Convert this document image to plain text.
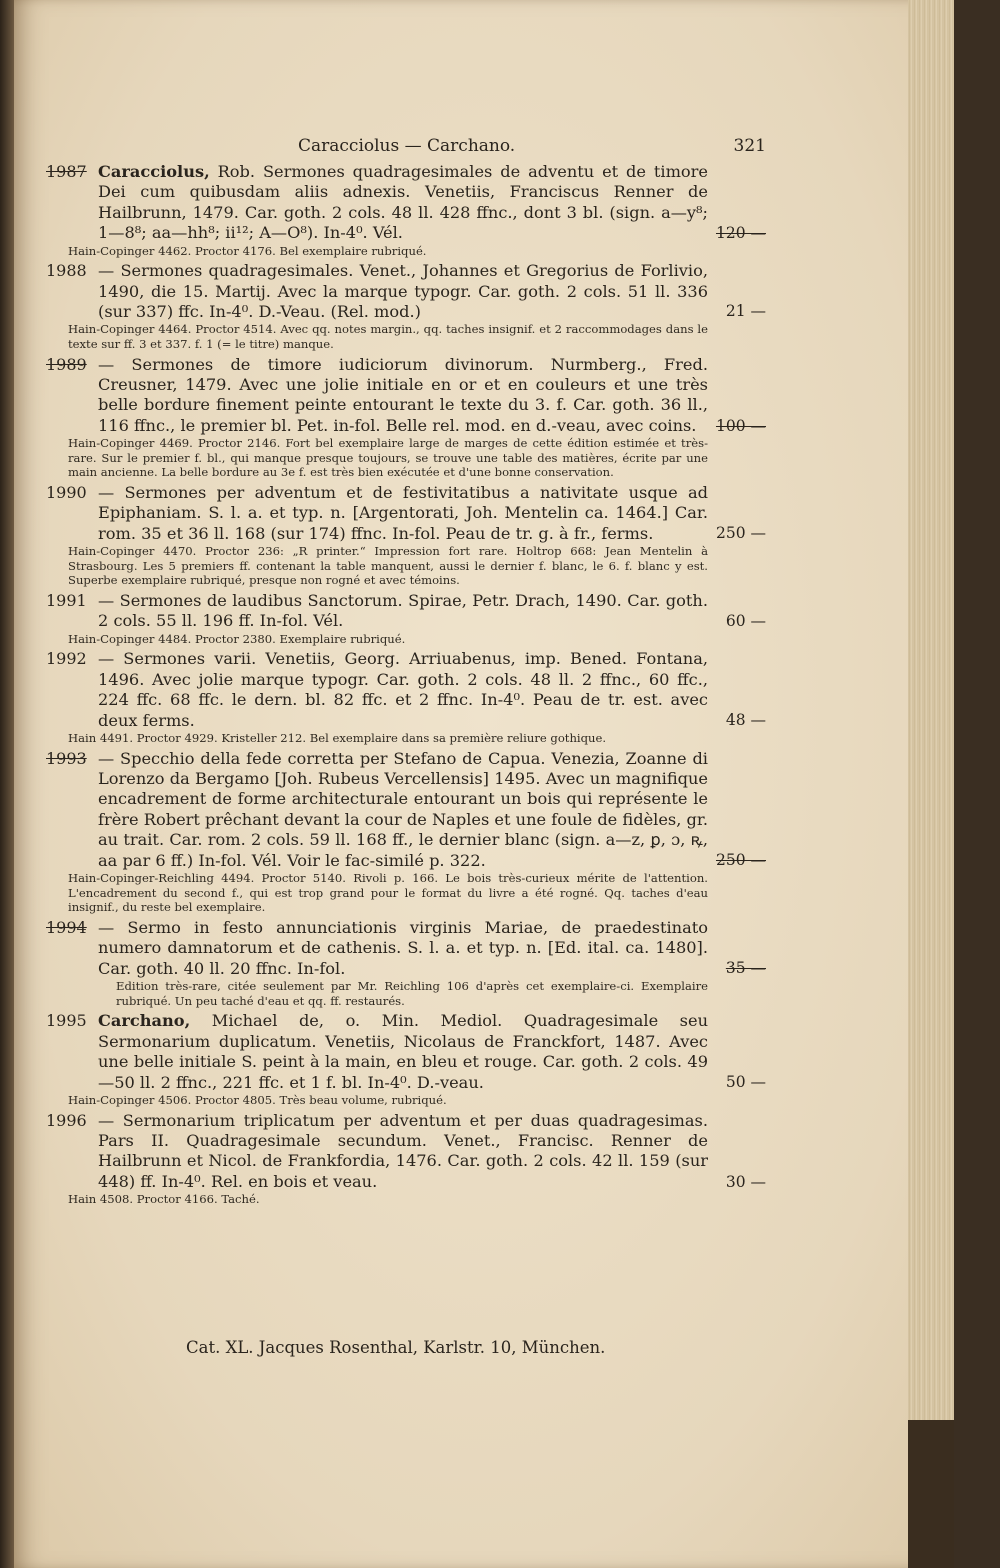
Caracciolus — Carchano.	321
1987 Caracciolus, Rob. Sermones quadragesimales de adventu et de timore Dei cum quibusdam aliis adnexis. Venetiis, Franciscus Renner de Hailbrunn, 1479. Car. goth. 2 cols. 48 ll. 428 ffnc., dont 3 bl. (sign. a—y⁸; 1—8⁸; aa—hh⁸; ii¹²; A—O⁸). In-4⁰. Vél.	120 —
Hain-Copinger 4462. Proctor 4176. Bel exemplaire rubriqué.
1988 — Sermones quadragesimales. Venet., Johannes et Gregorius de Forlivio, 1490, die 15. Martij. Avec la marque typogr. Car. goth. 2 cols. 51 ll. 336 (sur 337) ffc. In-4⁰. D.-Veau. (Rel. mod.)	21 —
Hain-Copinger 4464. Proctor 4514. Avec qq. notes margin., qq. taches insignif. et 2 raccommodages dans le texte sur ff. 3 et 337. f. 1 (= le titre) manque.
1989 — Sermones de timore iudiciorum divinorum. Nurmberg., Fred. Creusner, 1479. Avec une jolie initiale en or et en couleurs et une très belle bordure finement peinte entourant le texte du 3. f. Car. goth. 36 ll., 116 ffnc., le premier bl. Pet. in-fol. Belle rel. mod. en d.-veau, avec coins.	100 —
Hain-Copinger 4469. Proctor 2146. Fort bel exemplaire large de marges de cette édition estimée et très-rare. Sur le premier f. bl., qui manque presque toujours, se trouve une table des matières, écrite par une main ancienne. La belle bordure au 3e f. est très bien exécutée et d'une bonne conservation.
1990 — Sermones per adventum et de festivitatibus a nativitate usque ad Epiphaniam. S. l. a. et typ. n. [Argentorati, Joh. Mentelin ca. 1464.] Car. rom. 35 et 36 ll. 168 (sur 174) ffnc. In-fol. Peau de tr. g. à fr., ferms.	250 —
Hain-Copinger 4470. Proctor 236: „R printer.“ Impression fort rare. Holtrop 668: Jean Mentelin à Strasbourg. Les 5 premiers ff. contenant la table manquent, aussi le dernier f. blanc, le 6. f. blanc y est. Superbe exemplaire rubriqué, presque non rogné et avec témoins.
1991 — Sermones de laudibus Sanctorum. Spirae, Petr. Drach, 1490. Car. goth. 2 cols. 55 ll. 196 ff. In-fol. Vél.	60 —
Hain-Copinger 4484. Proctor 2380. Exemplaire rubriqué.
1992 — Sermones varii. Venetiis, Georg. Arriuabenus, imp. Bened. Fontana, 1496. Avec jolie marque typogr. Car. goth. 2 cols. 48 ll. 2 ffnc., 60 ffc., 224 ffc. 68 ffc. le dern. bl. 82 ffc. et 2 ffnc. In-4⁰. Peau de tr. est. avec deux ferms.	48 —
Hain 4491. Proctor 4929. Kristeller 212. Bel exemplaire dans sa première reliure gothique.
1993 — Specchio della fede corretta per Stefano de Capua. Venezia, Zoanne di Lorenzo da Bergamo [Joh. Rubeus Vercellensis] 1495. Avec un magnifique encadrement de forme architecturale entourant un bois qui représente le frère Robert prêchant devant la cour de Naples et une foule de fidèles, gr. au trait. Car. rom. 2 cols. 59 ll. 168 ff., le dernier blanc (sign. a—z, ꝑ, ɔ, ꝶ, aa par 6 ff.) In-fol. Vél. Voir le fac-similé p. 322.	250 —
Hain-Copinger-Reichling 4494. Proctor 5140. Rivoli p. 166. Le bois très-curieux mérite de l'attention. L'encadrement du second f., qui est trop grand pour le format du livre a été rogné. Qq. taches d'eau insignif., du reste bel exemplaire.
1994 — Sermo in festo annunciationis virginis Mariae, de praedestinato numero damnatorum et de cathenis. S. l. a. et typ. n. [Ed. ital. ca. 1480]. Car. goth. 40 ll. 20 ffnc. In-fol.	35 —
Edition très-rare, citée seulement par Mr. Reichling 106 d'après cet exemplaire-ci. Exemplaire rubriqué. Un peu taché d'eau et qq. ff. restaurés.
1995 Carchano, Michael de, o. Min. Mediol. Quadragesimale seu Sermonarium duplicatum. Venetiis, Nicolaus de Franckfort, 1487. Avec une belle initiale S. peint à la main, en bleu et rouge. Car. goth. 2 cols. 49—50 ll. 2 ffnc., 221 ffc. et 1 f. bl. In-4⁰. D.-veau.	50 —
Hain-Copinger 4506. Proctor 4805. Très beau volume, rubriqué.
1996 — Sermonarium triplicatum per adventum et per duas quadragesimas. Pars II. Quadragesimale secundum. Venet., Francisc. Renner de Hailbrunn et Nicol. de Frankfordia, 1476. Car. goth. 2 cols. 42 ll. 159 (sur 448) ff. In-4⁰. Rel. en bois et veau.	30 —
Hain 4508. Proctor 4166. Taché.
Cat. XL. Jacques Rosenthal, Karlstr. 10, München.
